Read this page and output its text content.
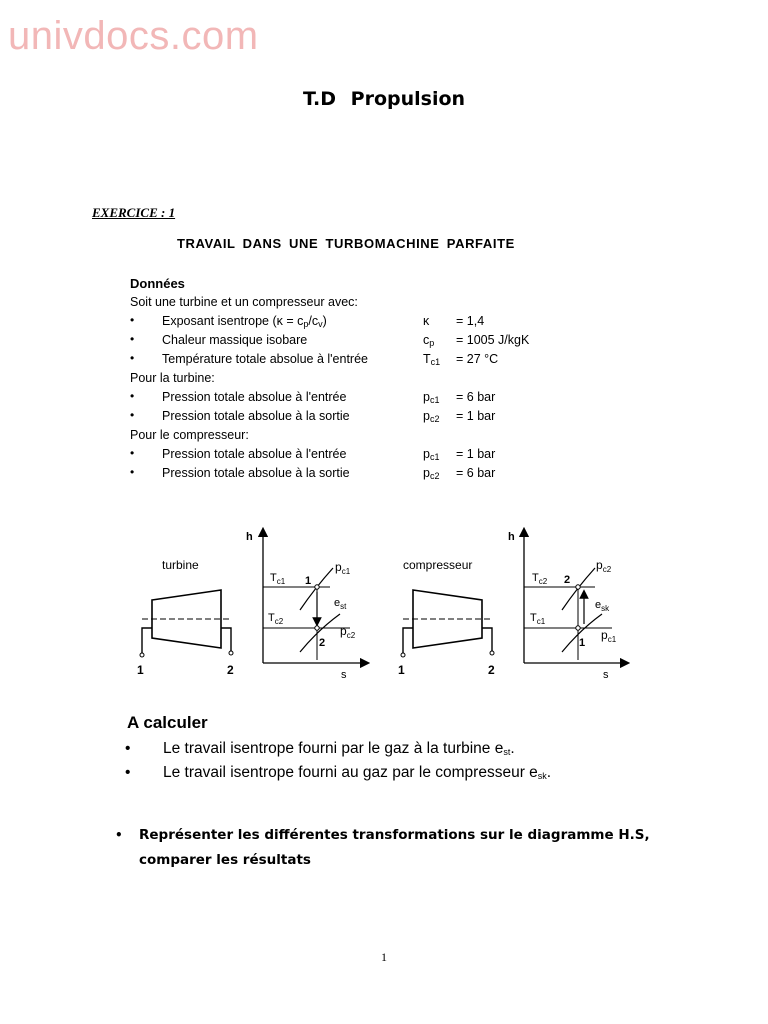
univdocs.com
T.D Propulsion
EXERCICE : 1
TRAVAIL DANS UNE TURBOMACHINE PARFAITE
Données
Soit une turbine et un compresseur avec:
• Exposant isentrope $(\kappa = c_p/c_v)$	κ = 1,4
• Chaleur massique isobare	$c_p = 1005$ J/kgK
• Température totale absolue à l'entrée	$T_{c1} = 27$ °C
Pour la turbine:
• Pression totale absolue à l'entrée	$p_{c1} = 6$ bar
• Pression totale absolue à la sortie	$p_{c2} = 1$ bar
Pour le compresseur:
• Pression totale absolue à l'entrée	$p_{c1} = 1$ bar
• Pression totale absolue à la sortie	$p_{c2} = 6$ bar
turbine
1	2
h
s
$T_{c1}$
$T_{c2}$
1
2
$p_{c1}$
$p_{c2}$
$e_{st}$
compresseur
1	2
h
s
$T_{c2}$
$T_{c1}$
2
1
$p_{c2}$
$p_{c1}$
$e_{sk}$
A calculer
• Le travail isentrope fourni par le gaz à la turbine $e_{st}$.
• Le travail isentrope fourni au gaz par le compresseur $e_{sk}$.
• Représenter les différentes transformations sur le diagramme H.S,
comparer les résultats
1
